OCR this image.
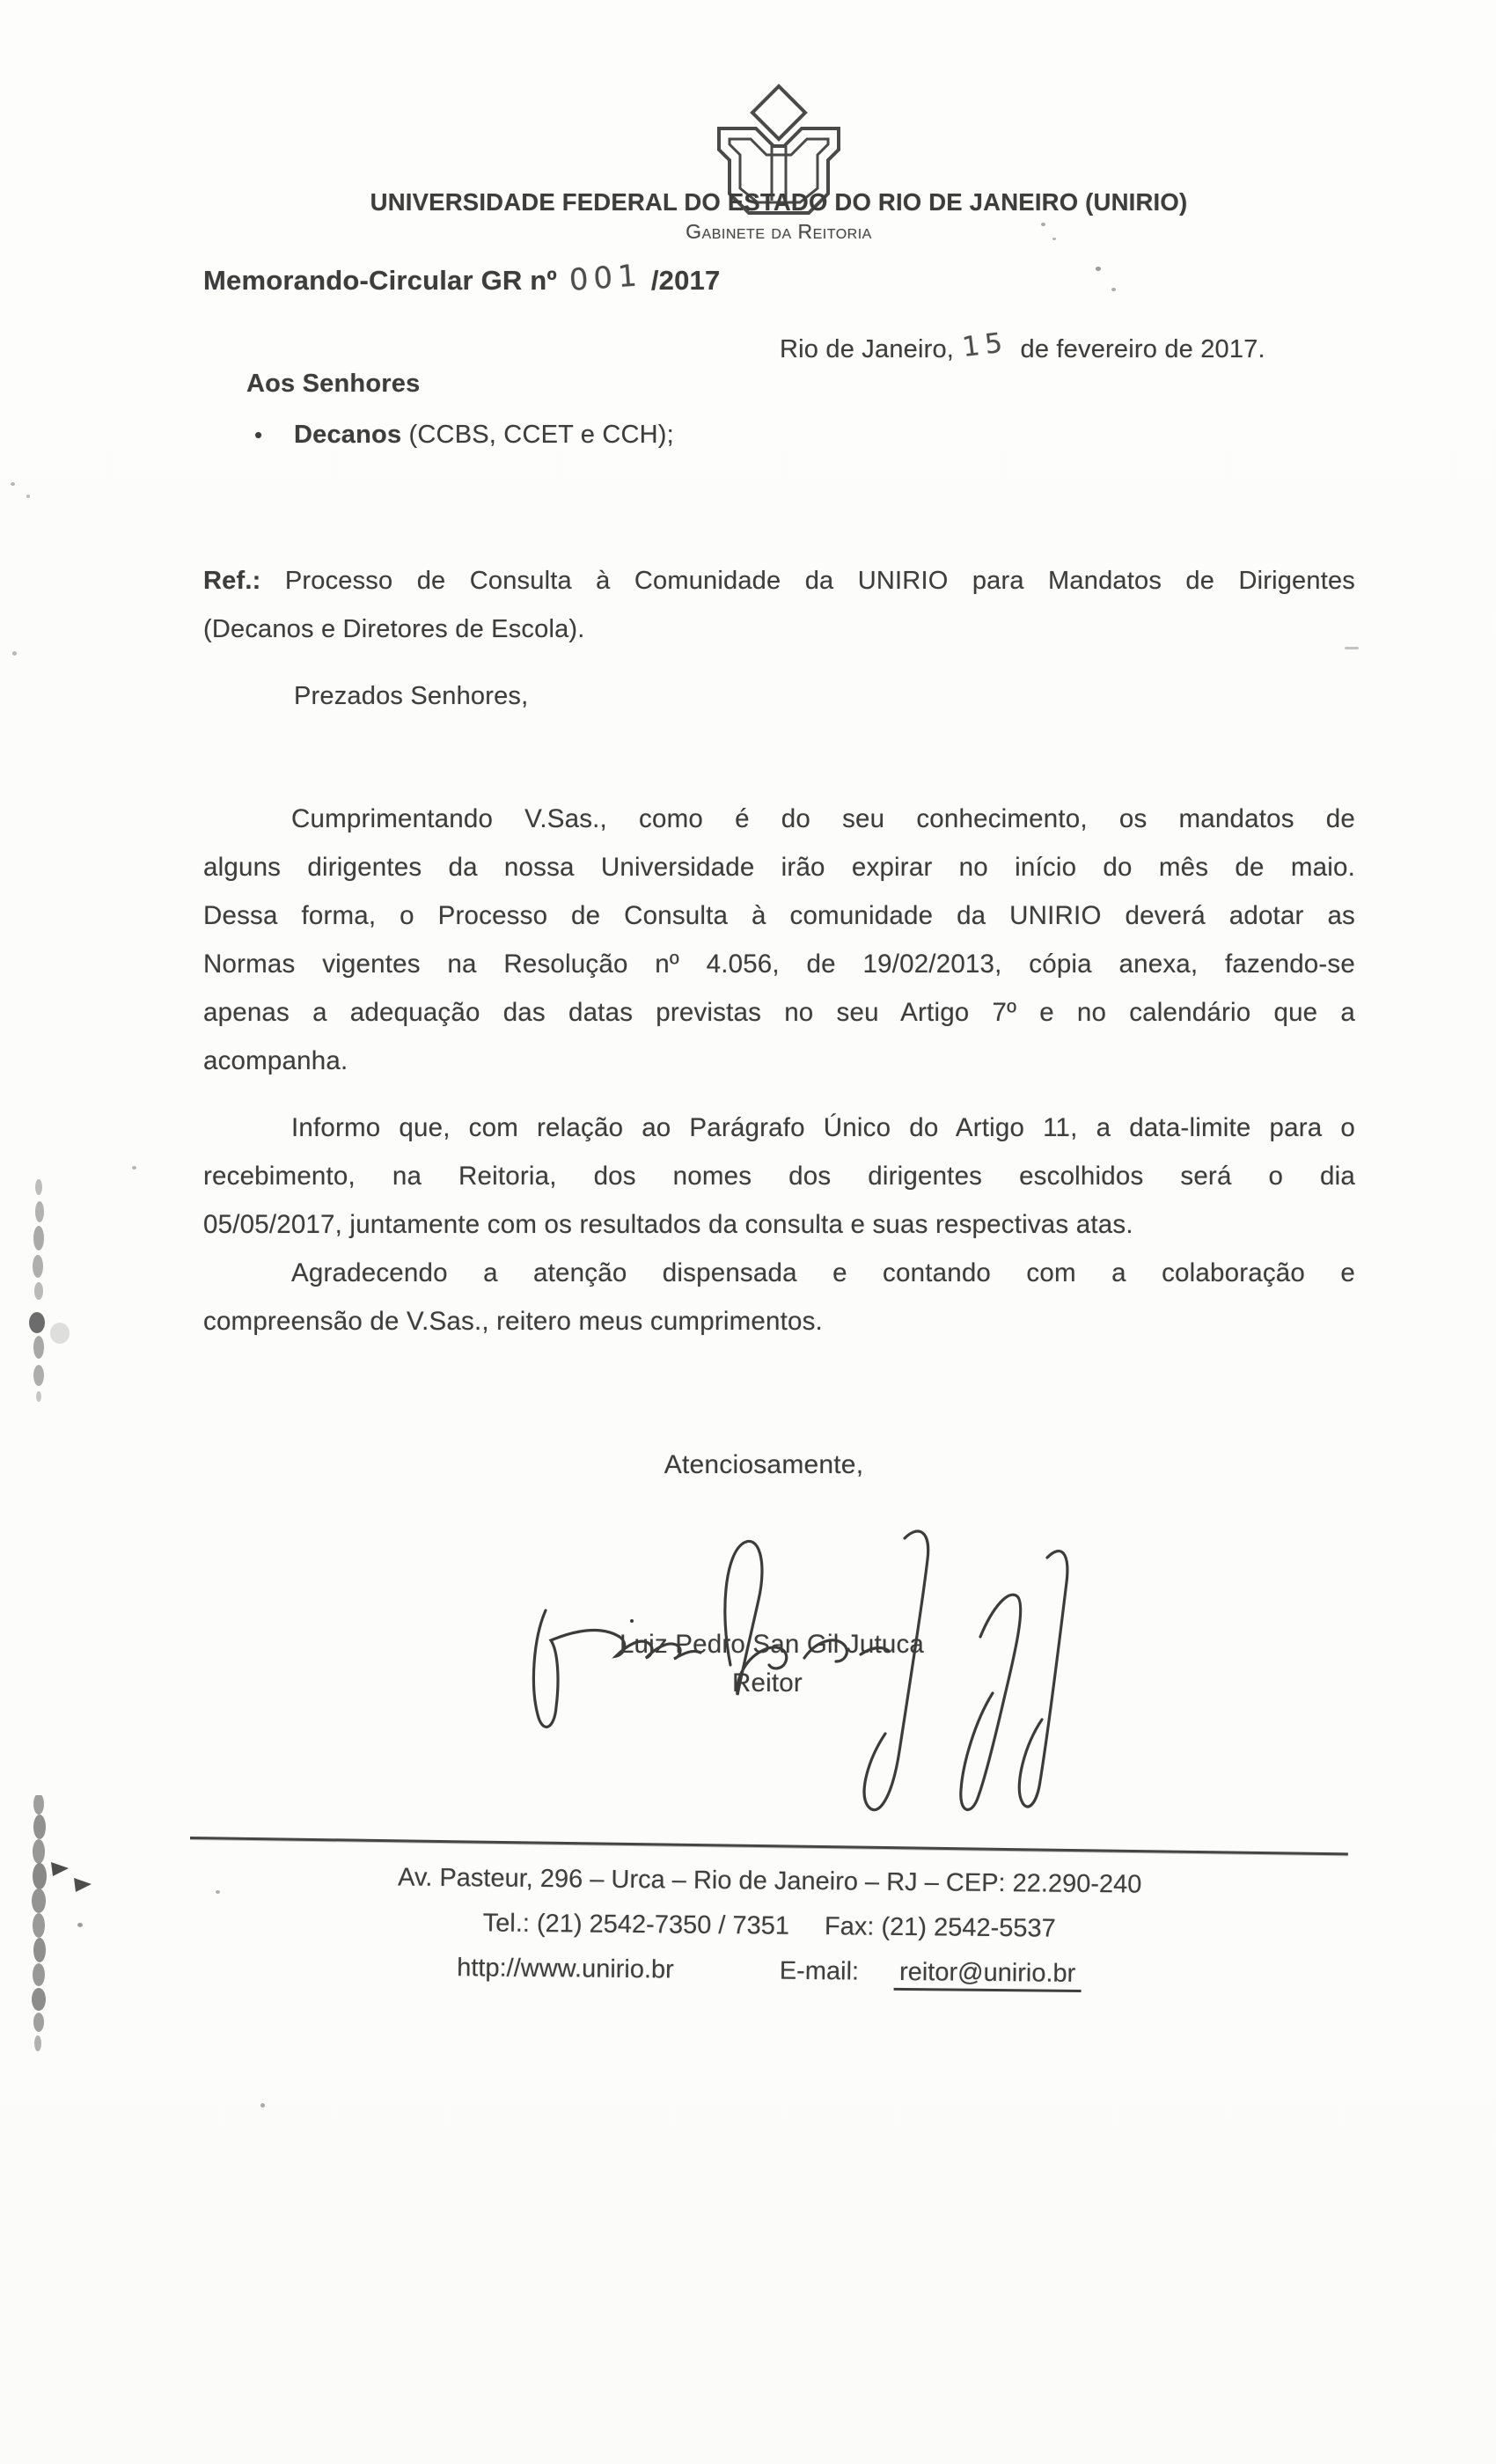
UNIVERSIDADE FEDERAL DO ESTADO DO RIO DE JANEIRO (UNIRIO)
Gabinete da Reitoria
Memorando-Circular GR nº 001 /2017
Rio de Janeiro, 15 de fevereiro de 2017.
Aos Senhores
• Decanos (CCBS, CCET e CCH);
Ref.: Processo de Consulta à Comunidade da UNIRIO para Mandatos de Dirigentes
(Decanos e Diretores de Escola).
Prezados Senhores,
Cumprimentando V.Sas., como é do seu conhecimento, os mandatos de
alguns dirigentes da nossa Universidade irão expirar no início do mês de maio.
Dessa forma, o Processo de Consulta à comunidade da UNIRIO deverá adotar as
Normas vigentes na Resolução nº 4.056, de 19/02/2013, cópia anexa, fazendo-se
apenas a adequação das datas previstas no seu Artigo 7º e no calendário que a
acompanha.
Informo que, com relação ao Parágrafo Único do Artigo 11, a data-limite para o
recebimento, na Reitoria, dos nomes dos dirigentes escolhidos será o dia
05/05/2017, juntamente com os resultados da consulta e suas respectivas atas.
Agradecendo a atenção dispensada e contando com a colaboração e
compreensão de V.Sas., reitero meus cumprimentos.
Atenciosamente,
Luiz Pedro San Gil Jutuca
Reitor
Av. Pasteur, 296 – Urca – Rio de Janeiro – RJ – CEP: 22.290-240
Tel.: (21) 2542-7350 / 7351 Fax: (21) 2542-5537
http://www.unirio.br	E-mail: reitor@unirio.br
